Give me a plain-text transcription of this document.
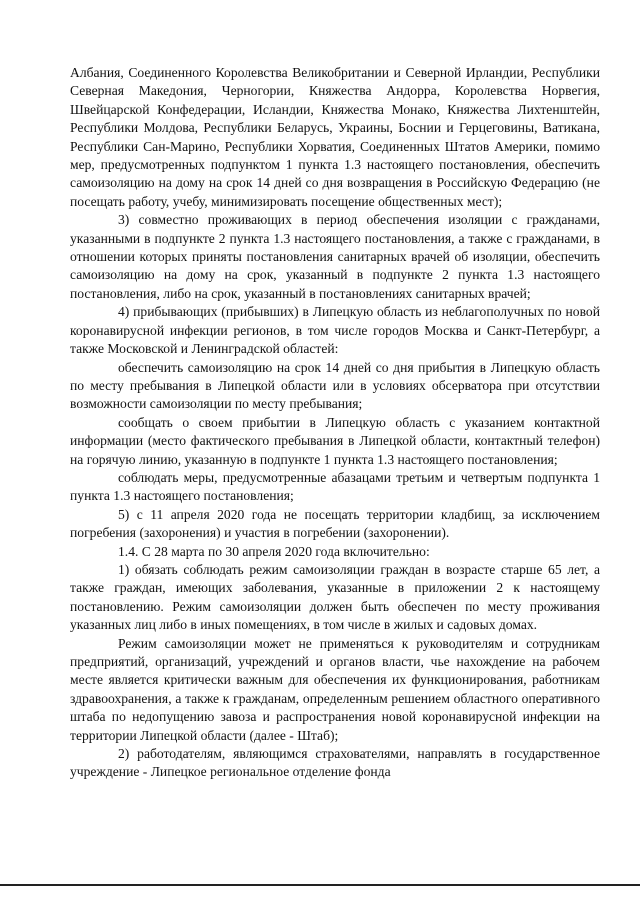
Албания, Соединенного Королевства Великобритании и Северной Ирландии, Республики Северная Македония, Черногории, Княжества Андорра, Королевства Норвегия, Швейцарской Конфедерации, Исландии, Княжества Монако, Княжества Лихтенштейн, Республики Молдова, Республики Беларусь, Украины, Боснии и Герцеговины, Ватикана, Республики Сан-Марино, Республики Хорватия, Соединенных Штатов Америки, помимо мер, предусмотренных подпунктом 1 пункта 1.3 настоящего постановления, обеспечить самоизоляцию на дому на срок 14 дней со дня возвращения в Российскую Федерацию (не посещать работу, учебу, минимизировать посещение общественных мест);

3) совместно проживающих в период обеспечения изоляции с гражданами, указанными в подпункте 2 пункта 1.3 настоящего постановления, а также с гражданами, в отношении которых приняты постановления санитарных врачей об изоляции, обеспечить самоизоляцию на дому на срок, указанный в подпункте 2 пункта 1.3 настоящего постановления, либо на срок, указанный в постановлениях санитарных врачей;

4) прибывающих (прибывших) в Липецкую область из неблагополучных по новой коронавирусной инфекции регионов, в том числе городов Москва и Санкт-Петербург, а также Московской и Ленинградской областей:

обеспечить самоизоляцию на срок 14 дней со дня прибытия в Липецкую область по месту пребывания в Липецкой области или в условиях обсерватора при отсутствии возможности самоизоляции по месту пребывания;

сообщать о своем прибытии в Липецкую область с указанием контактной информации (место фактического пребывания в Липецкой области, контактный телефон) на горячую линию, указанную в подпункте 1 пункта 1.3 настоящего постановления;

соблюдать меры, предусмотренные абазацами третьим и четвертым подпункта 1 пункта 1.3 настоящего постановления;

5) с 11 апреля 2020 года не посещать территории кладбищ, за исключением погребения (захоронения) и участия в погребении (захоронении).

1.4. С 28 марта по 30 апреля 2020 года включительно:

1) обязать соблюдать режим самоизоляции граждан в возрасте старше 65 лет, а также граждан, имеющих заболевания, указанные в приложении 2 к настоящему постановлению. Режим самоизоляции должен быть обеспечен по месту проживания указанных лиц либо в иных помещениях, в том числе в жилых и садовых домах.

Режим самоизоляции может не применяться к руководителям и сотрудникам предприятий, организаций, учреждений и органов власти, чье нахождение на рабочем месте является критически важным для обеспечения их функционирования, работникам здравоохранения, а также к гражданам, определенным решением областного оперативного штаба по недопущению завоза и распространения новой коронавирусной инфекции на территории Липецкой области (далее - Штаб);

2) работодателям, являющимся страхователями, направлять в государственное учреждение - Липецкое региональное отделение фонда
